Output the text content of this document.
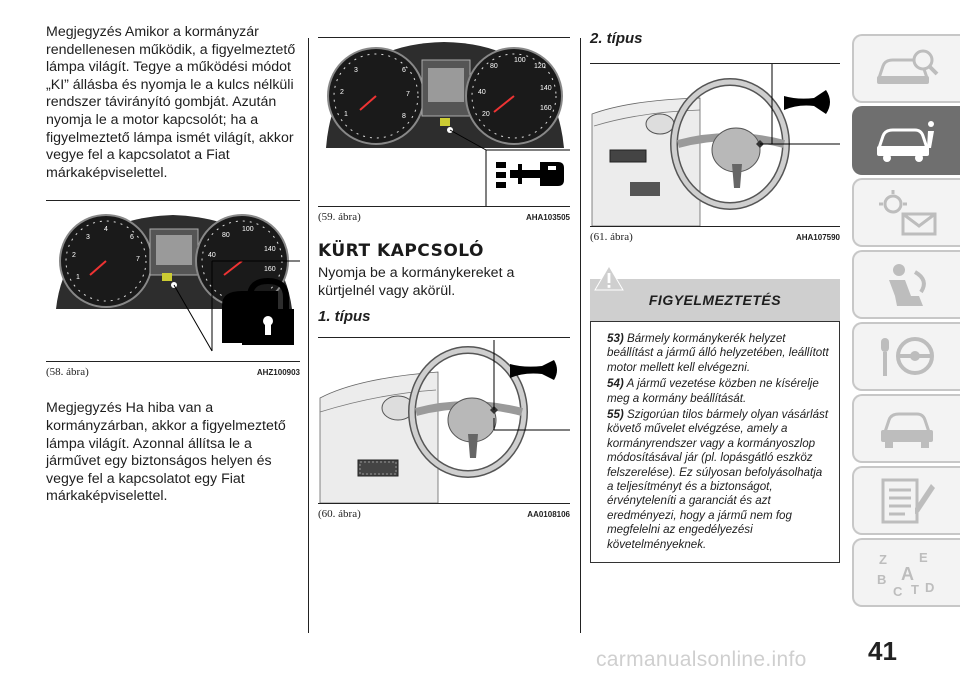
Megjegyzés Amikor a kormányzár rendellenesen működik, a figyelmeztető lámpa világít. Tegye a működési módot „KI” állásba és nyomja le a kulcs nélküli rendszer távirányító gombját. Azután nyomja le a motor kapcsolót; ha a figyelmeztető lámpa ismét világít, akkor vegye fel a kapcsolatot a Fiat márkaképviselettel.

3
4
2
1
6
7
80
100
40
140
160
(58. ábra)	AHZ100903

Megjegyzés Ha hiba van a kormányzárban, akkor a figyelmeztető lámpa világít. Azonnal állítsa le a járművet egy biztonságos helyen és vegye fel a kapcsolatot egy Fiat márkaképviselettel.

3
2
1
6
7
8
80
100
120
40
140
160
20
(59. ábra)	AHA103505
KÜRT KAPCSOLÓ

Nyomja be a kormánykereket a kürtjelnél vagy akörül.

1. típus
(60. ábra)	AA0108106
2. típus
(61. ábra)	AHA107590
FIGYELMEZTETÉS
53) Bármely kormánykerék helyzet beállítást a jármű álló helyzetében, leállított motor mellett kell elvégezni.
54) A jármű vezetése közben ne kísérelje meg a kormány beállítását.
55) Szigorúan tilos bármely olyan vásárlást követő művelet elvégzése, amely a kormányrendszer vagy a kormányoszlop módosításával jár (pl. lopásgátló eszköz felszerelése). Ez súlyosan befolyásolhatja a teljesítményt és a biztonságot, érvényteleníti a garanciát és azt eredményezi, hogy a jármű nem fog megfelelni az engedélyezési követelményeknek.
Z E
B
C T D
A
41
carmanualsonline.info
